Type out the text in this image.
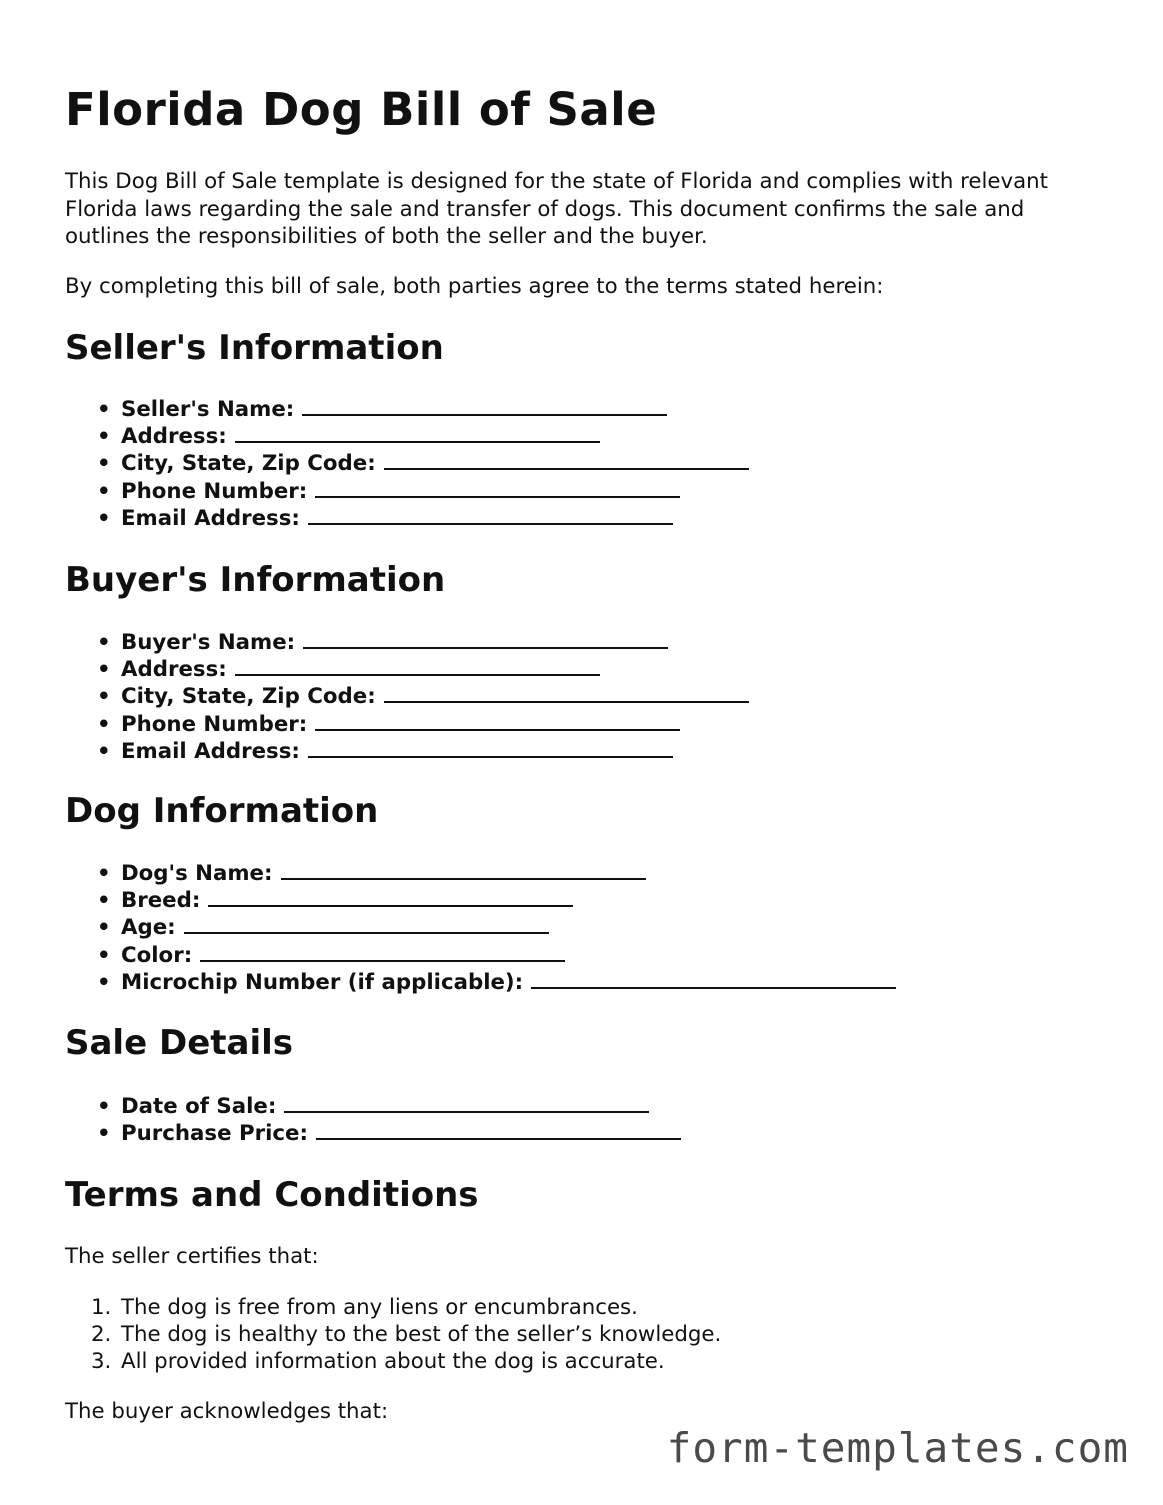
Florida Dog Bill of Sale

This Dog Bill of Sale template is designed for the state of Florida and complies with relevant Florida laws regarding the sale and transfer of dogs. This document confirms the sale and outlines the responsibilities of both the seller and the buyer.

By completing this bill of sale, both parties agree to the terms stated herein:

Seller's Information
• Seller's Name:
• Address:
• City, State, Zip Code:
• Phone Number:
• Email Address:
Buyer's Information
• Buyer's Name:
• Address:
• City, State, Zip Code:
• Phone Number:
• Email Address:
Dog Information
• Dog's Name:
• Breed:
• Age:
• Color:
• Microchip Number (if applicable):
Sale Details
• Date of Sale:
• Purchase Price:
Terms and Conditions

The seller certifies that:

1. The dog is free from any liens or encumbrances.
2. The dog is healthy to the best of the seller’s knowledge.
3. All provided information about the dog is accurate.

The buyer acknowledges that:

form-templates.com
